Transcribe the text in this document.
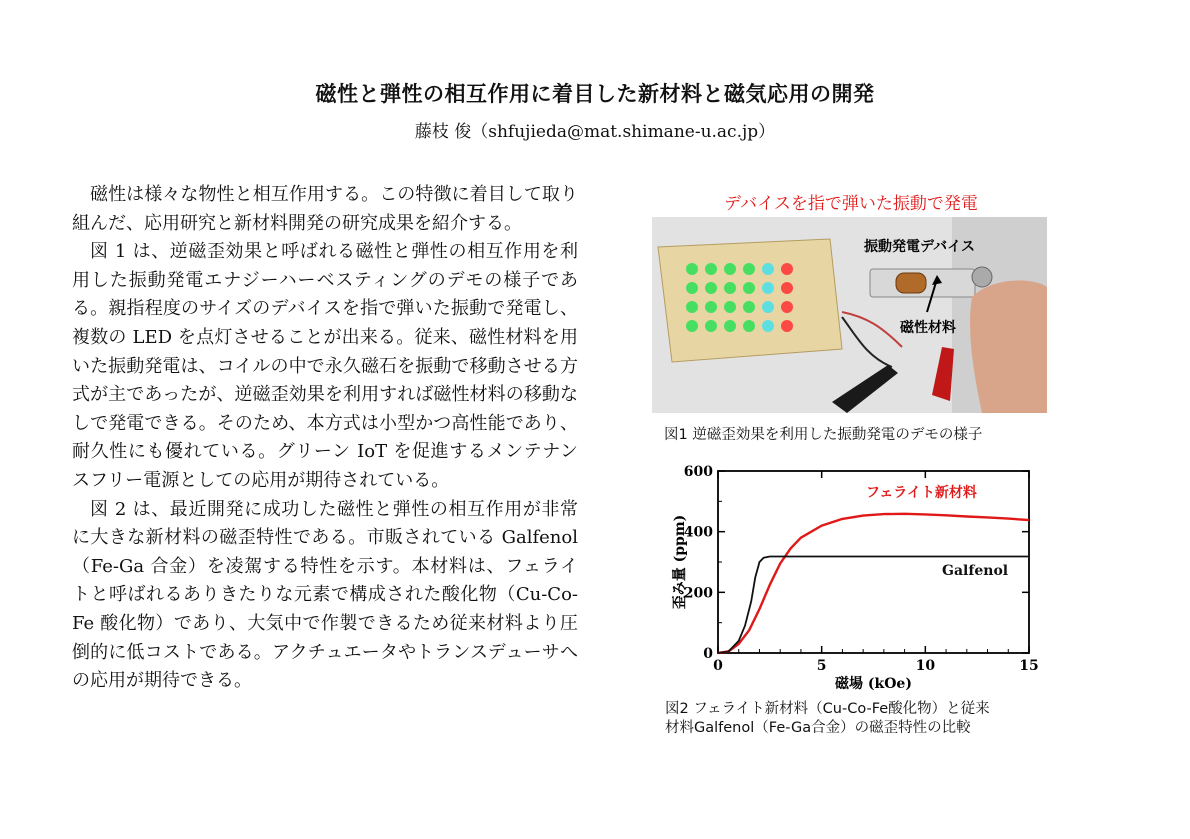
磁性と弾性の相互作用に着目した新材料と磁気応用の開発
藤枝 俊（shfujieda@mat.shimane-u.ac.jp）

磁性は様々な物性と相互作用する。この特徴に着目して取り組んだ、応用研究と新材料開発の研究成果を紹介する。

図 1 は、逆磁歪効果と呼ばれる磁性と弾性の相互作用を利用した振動発電エナジーハーベスティングのデモの様子である。親指程度のサイズのデバイスを指で弾いた振動で発電し、複数の LED を点灯させることが出来る。従来、磁性材料を用いた振動発電は、コイルの中で永久磁石を振動で移動させる方式が主であったが、逆磁歪効果を利用すれば磁性材料の移動なしで発電できる。そのため、本方式は小型かつ高性能であり、耐久性にも優れている。グリーン IoT を促進するメンテナンスフリー電源としての応用が期待されている。

図 2 は、最近開発に成功した磁性と弾性の相互作用が非常に大きな新材料の磁歪特性である。市販されている Galfenol（Fe-Ga 合金）を凌駕する特性を示す。本材料は、フェライトと呼ばれるありきたりな元素で構成された酸化物（Cu-Co-Fe 酸化物）であり、大気中で作製できるため従来材料より圧倒的に低コストである。アクチュエータやトランスデューサへの応用が期待できる。

デバイスを指で弾いた振動で発電
振動発電デバイス
磁性材料
図1 逆磁歪効果を利用した振動発電のデモの様子
0	5	10	15
0
200
400
600
フェライト新材料
Galfenol
磁場 (kOe)
歪み量 (ppm)
図2 フェライト新材料（Cu-Co-Fe酸化物）と従来
材料Galfenol（Fe-Ga合金）の磁歪特性の比較
